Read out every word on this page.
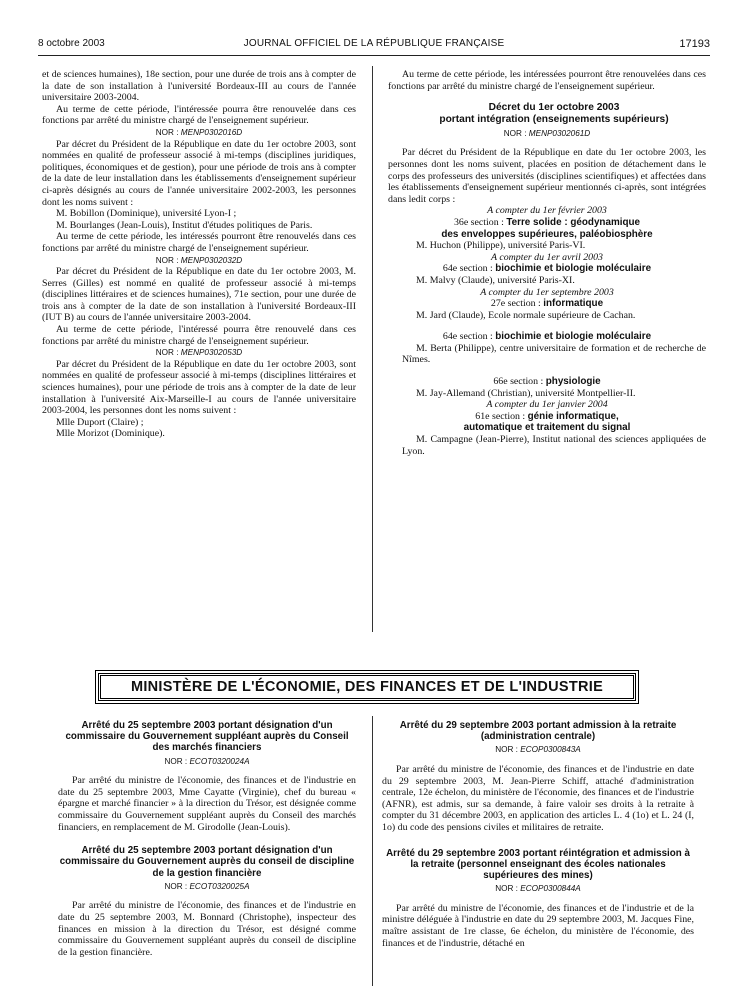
8 octobre 2003	JOURNAL OFFICIEL DE LA RÉPUBLIQUE FRANÇAISE	17193

et de sciences humaines), 18e section, pour une durée de trois ans à compter de la date de son installation à l'université Bordeaux-III au cours de l'année universitaire 2003-2004.

Au terme de cette période, l'intéressée pourra être renouvelée dans ces fonctions par arrêté du ministre chargé de l'enseignement supérieur.

NOR : MENP0302016D

Par décret du Président de la République en date du 1er octobre 2003, sont nommées en qualité de professeur associé à mi-temps (disciplines juridiques, politiques, économiques et de gestion), pour une période de trois ans à compter de la date de leur installation dans les établissements d'enseignement supérieur ci-après désignés au cours de l'année universitaire 2002-2003, les personnes dont les noms suivent :

M. Bobillon (Dominique), université Lyon-I ;

M. Bourlanges (Jean-Louis), Institut d'études politiques de Paris.

Au terme de cette période, les intéressés pourront être renouvelés dans ces fonctions par arrêté du ministre chargé de l'enseignement supérieur.

NOR : MENP0302032D

Par décret du Président de la République en date du 1er octobre 2003, M. Serres (Gilles) est nommé en qualité de professeur associé à mi-temps (disciplines littéraires et de sciences humaines), 71e section, pour une durée de trois ans à compter de la date de son installation à l'université Bordeaux-III (IUT B) au cours de l'année universitaire 2003-2004.

Au terme de cette période, l'intéressé pourra être renouvelé dans ces fonctions par arrêté du ministre chargé de l'enseignement supérieur.

NOR : MENP0302053D

Par décret du Président de la République en date du 1er octobre 2003, sont nommées en qualité de professeur associé à mi-temps (disciplines littéraires et sciences humaines), pour une période de trois ans à compter de la date de leur installation à l'université Aix-Marseille-I au cours de l'année universitaire 2003-2004, les personnes dont les noms suivent :

Mlle Duport (Claire) ;

Mlle Morizot (Dominique).

Au terme de cette période, les intéressées pourront être renouvelées dans ces fonctions par arrêté du ministre chargé de l'enseignement supérieur.

Décret du 1er octobre 2003

portant intégration (enseignements supérieurs)

NOR : MENP0302061D

Par décret du Président de la République en date du 1er octobre 2003, les personnes dont les noms suivent, placées en position de détachement dans le corps des professeurs des universités (disciplines scientifiques) et affectées dans les établissements d'enseignement supérieur mentionnés ci-après, sont intégrées dans ledit corps :

A compter du 1er février 2003

36e section : Terre solide : géodynamique

des enveloppes supérieures, paléobiosphère

M. Huchon (Philippe), université Paris-VI.

A compter du 1er avril 2003

64e section : biochimie et biologie moléculaire

M. Malvy (Claude), université Paris-XI.

A compter du 1er septembre 2003

27e section : informatique

M. Jard (Claude), Ecole normale supérieure de Cachan.

64e section : biochimie et biologie moléculaire

M. Berta (Philippe), centre universitaire de formation et de recherche de Nîmes.

66e section : physiologie

M. Jay-Allemand (Christian), université Montpellier-II.

A compter du 1er janvier 2004

61e section : génie informatique,

automatique et traitement du signal

M. Campagne (Jean-Pierre), Institut national des sciences appliquées de Lyon.

MINISTÈRE DE L'ÉCONOMIE, DES FINANCES ET DE L'INDUSTRIE

Arrêté du 25 septembre 2003 portant désignation d'un commissaire du Gouvernement suppléant auprès du Conseil des marchés financiers

NOR : ECOT0320024A

Par arrêté du ministre de l'économie, des finances et de l'industrie en date du 25 septembre 2003, Mme Cayatte (Virginie), chef du bureau « épargne et marché financier » à la direction du Trésor, est désignée comme commissaire du Gouvernement suppléant auprès du Conseil des marchés financiers, en remplacement de M. Girodolle (Jean-Louis).

Arrêté du 25 septembre 2003 portant désignation d'un commissaire du Gouvernement auprès du conseil de discipline de la gestion financière

NOR : ECOT0320025A

Par arrêté du ministre de l'économie, des finances et de l'industrie en date du 25 septembre 2003, M. Bonnard (Christophe), inspecteur des finances en mission à la direction du Trésor, est désigné comme commissaire du Gouvernement suppléant auprès du conseil de discipline de la gestion financière.

Arrêté du 29 septembre 2003 portant admission à la retraite (administration centrale)

NOR : ECOP0300843A

Par arrêté du ministre de l'économie, des finances et de l'industrie en date du 29 septembre 2003, M. Jean-Pierre Schiff, attaché d'administration centrale, 12e échelon, du ministère de l'économie, des finances et de l'industrie (AFNR), est admis, sur sa demande, à faire valoir ses droits à la retraite à compter du 31 décembre 2003, en application des articles L. 4 (1o) et L. 24 (I, 1o) du code des pensions civiles et militaires de retraite.

Arrêté du 29 septembre 2003 portant réintégration et admission à la retraite (personnel enseignant des écoles nationales supérieures des mines)

NOR : ECOP0300844A

Par arrêté du ministre de l'économie, des finances et de l'industrie et de la ministre déléguée à l'industrie en date du 29 septembre 2003, M. Jacques Fine, maître assistant de 1re classe, 6e échelon, du ministère de l'économie, des finances et de l'industrie, détaché en
